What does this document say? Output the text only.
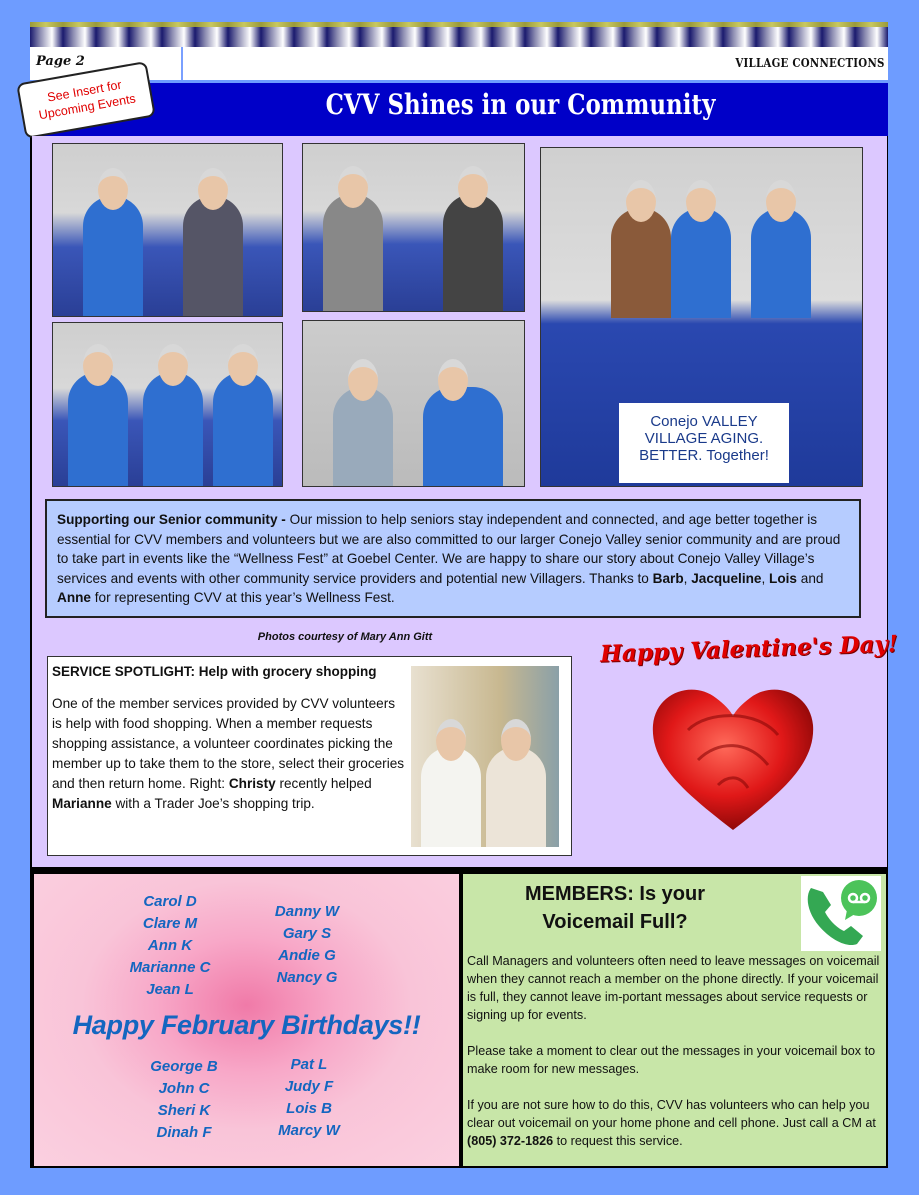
Page 2	VILLAGE CONNECTIONS
CVV Shines in our Community
See Insert for Upcoming Events
Conejo VALLEY VILLAGE AGING. BETTER. Together!
Supporting our Senior community - Our mission to help seniors stay independent and connected, and age better together is essential for CVV members and volunteers but we are also committed to our larger Conejo Valley senior community and are proud to take part in events like the “Wellness Fest” at Goebel Center. We are happy to share our story about Conejo Valley Village’s services and events with other community service providers and potential new Villagers. Thanks to Barb, Jacqueline, Lois and Anne for representing CVV at this year’s Wellness Fest.
Photos courtesy of Mary Ann Gitt
SERVICE SPOTLIGHT: Help with grocery shopping
One of the member services provided by CVV volunteers is help with food shopping. When a member requests shopping assistance, a volunteer coordinates picking the member up to take them to the store, select their groceries and then return home. Right: Christy recently helped Marianne with a Trader Joe’s shopping trip.
Happy Valentine's Day!
Carol D
Clare M
Ann K
Marianne C
Jean L
Danny W
Gary S
Andie G
Nancy G
George B
John C
Sheri K
Dinah F
Pat L
Judy F
Lois B
Marcy W
Happy February Birthdays!!
MEMBERS: Is your
Voicemail Full?

Call Managers and volunteers often need to leave messages on voicemail when they cannot reach a member on the phone directly. If your voicemail is full, they cannot leave im-portant messages about service requests or signing up for events.

Please take a moment to clear out the messages in your voicemail box to make room for new messages.

If you are not sure how to do this, CVV has volunteers who can help you clear out voicemail on your home phone and cell phone. Just call a CM at (805) 372-1826 to request this service.
